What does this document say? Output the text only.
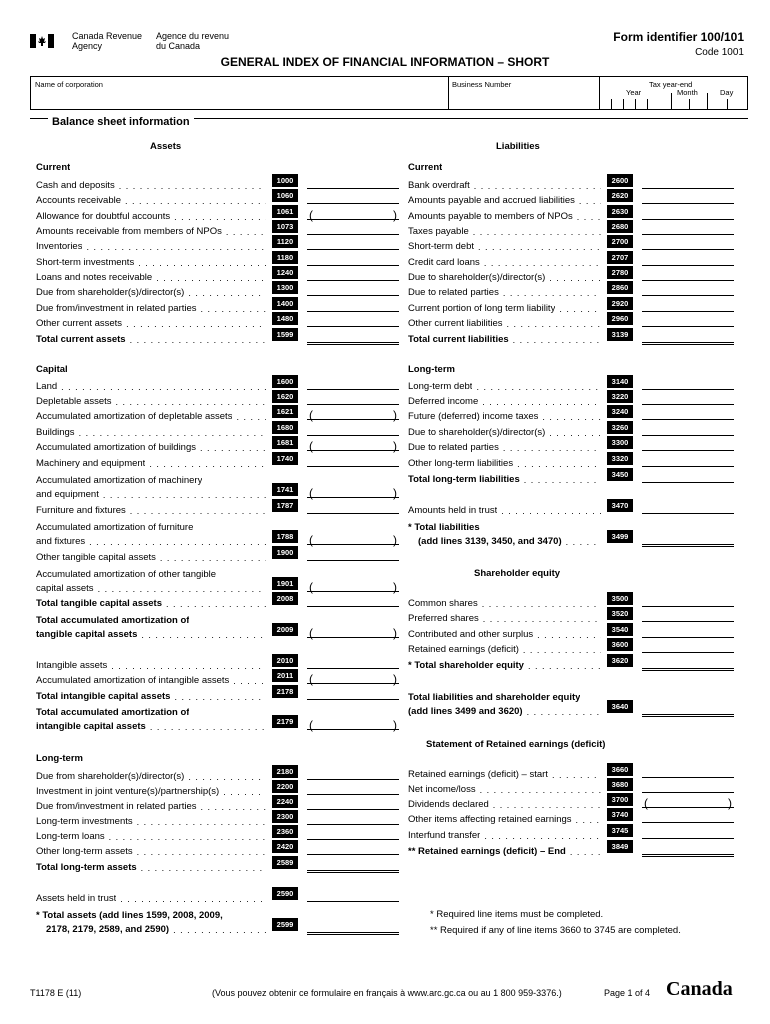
Canada Revenue
Agency
Agence du revenu
du Canada
Form identifier 100/101
Code 1001
GENERAL INDEX OF FINANCIAL INFORMATION – SHORT
Name of corporation	Business Number	Tax year-end
Year	Month	Day
Balance sheet information
Assets	Liabilities
Current
Cash and deposits
. . .	1000
Accounts receivable
. . .	1060
Allowance for doubtful accounts
. . .	1061	(	)
Amounts receivable from members of NPOs
. . .	1073
Inventories
. . .	1120
Short-term investments
. . .	1180
Loans and notes receivable
. . .	1240
Due from shareholder(s)/director(s)
. . .	1300
Due from/investment in related parties
. . .	1400
Other current assets
. . .	1480
Total current assets
. . .	1599
Capital
Land
. . .	1600
Depletable assets
. . .	1620
Accumulated amortization of depletable assets
. . .	1621	(	)
Buildings
. . .	1680
Accumulated amortization of buildings
. . .	1681	(	)
Machinery and equipment
. . .	1740
Accumulated amortization of machinery
and equipment
. . .	1741	(	)
Furniture and fixtures
. . .	1787
Accumulated amortization of furniture
and fixtures
. . .	1788	(	)
Other tangible capital assets
. . .	1900
Accumulated amortization of other tangible
capital assets
. . .	1901	(	)
Total tangible capital assets
. . .	2008
Total accumulated amortization of
tangible capital assets
. . .	2009	(	)
Intangible assets
. . .	2010
Accumulated amortization of intangible assets
. . .	2011	(	)
Total intangible capital assets
. . .	2178
Total accumulated amortization of
intangible capital assets
. . .	2179	(	)
Long-term
Due from shareholder(s)/director(s)
. . .	2180
Investment in joint venture(s)/partnership(s)
. . .	2200
Due from/investment in related parties
. . .	2240
Long-term investments
. . .	2300
Long-term loans
. . .	2360
Other long-term assets
. . .	2420
Total long-term assets
. . .	2589
Assets held in trust
. . .	2590
* Total assets (add lines 1599, 2008, 2009,
2178, 2179, 2589, and 2590)
. . .	2599
Current
Bank overdraft
. . .	2600
Amounts payable and accrued liabilities
. . .	2620
Amounts payable to members of NPOs
. . .	2630
Taxes payable
. . .	2680
Short-term debt
. . .	2700
Credit card loans
. . .	2707
Due to shareholder(s)/director(s)
. . .	2780
Due to related parties
. . .	2860
Current portion of long term liability
. . .	2920
Other current liabilities
. . .	2960
Total current liabilities
. . .	3139
Long-term
Long-term debt
. . .	3140
Deferred income
. . .	3220
Future (deferred) income taxes
. . .	3240
Due to shareholder(s)/director(s)
. . .	3260
Due to related parties
. . .	3300
Other long-term liabilities
. . .	3320
Total long-term liabilities
. . .	3450
Amounts held in trust
. . .	3470
* Total liabilities
(add lines 3139, 3450, and 3470)
. . .	3499
Common shares
. . .	3500
Preferred shares
. . .	3520
Contributed and other surplus
. . .	3540
Retained earnings (deficit)
. . .	3600
* Total shareholder equity
. . .	3620
Total liabilities and shareholder equity
(add lines 3499 and 3620)
. . .	3640
Retained earnings (deficit) – start
. . .	3660
Net income/loss
. . .	3680
Dividends declared
. . .	3700	(	)
Other items affecting retained earnings
. . .	3740
Interfund transfer
. . .	3745
** Retained earnings (deficit) – End
. . .	3849
Shareholder equity
Statement of Retained earnings (deficit)
* Required line items must be completed.
** Required if any of line items 3660 to 3745 are completed.
T1178 E (11)	(Vous pouvez obtenir ce formulaire en français à www.arc.gc.ca ou au 1 800 959-3376.)	Page 1 of 4 Canada
